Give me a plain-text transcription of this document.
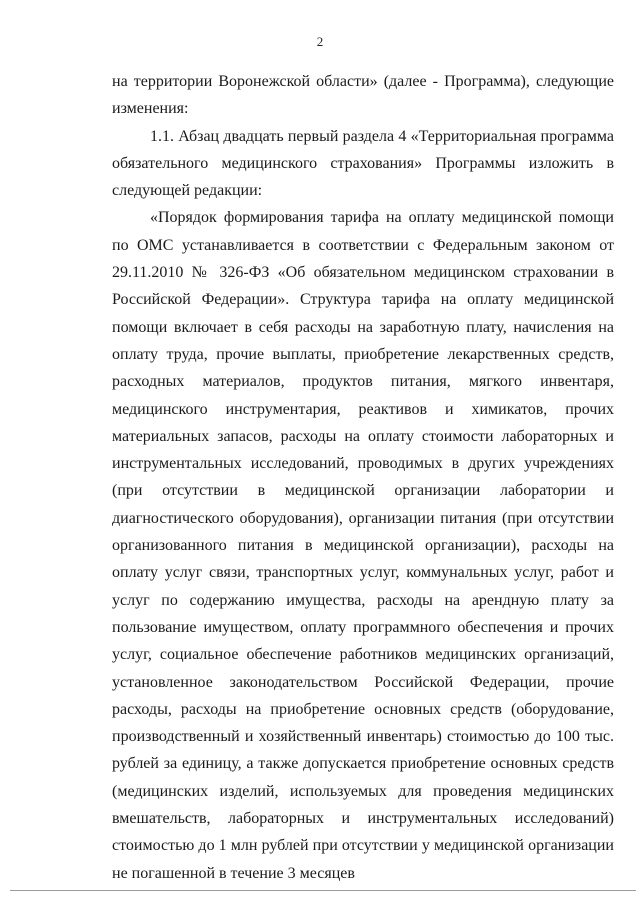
2

на территории Воронежской области» (далее - Программа), следующие изменения:

1.1. Абзац двадцать первый раздела 4 «Территориальная программа обязательного медицинского страхования» Программы изложить в следующей редакции:

«Порядок формирования тарифа на оплату медицинской помощи по ОМС устанавливается в соответствии с Федеральным законом от 29.11.2010 № 326-ФЗ «Об обязательном медицинском страховании в Российской Федерации». Структура тарифа на оплату медицинской помощи включает в себя расходы на заработную плату, начисления на оплату труда, прочие выплаты, приобретение лекарственных средств, расходных материалов, продуктов питания, мягкого инвентаря, медицинского инструментария, реактивов и химикатов, прочих материальных запасов, расходы на оплату стоимости лабораторных и инструментальных исследований, проводимых в других учреждениях (при отсутствии в медицинской организации лаборатории и диагностического оборудования), организации питания (при отсутствии организованного питания в медицинской организации), расходы на оплату услуг связи, транспортных услуг, коммунальных услуг, работ и услуг по содержанию имущества, расходы на арендную плату за пользование имуществом, оплату программного обеспечения и прочих услуг, социальное обеспечение работников медицинских организаций, установленное законодательством Российской Федерации, прочие расходы, расходы на приобретение основных средств (оборудование, производственный и хозяйственный инвентарь) стоимостью до 100 тыс. рублей за единицу, а также допускается приобретение основных средств (медицинских изделий, используемых для проведения медицинских вмешательств, лабораторных и инструментальных исследований) стоимостью до 1 млн рублей при отсутствии у медицинской организации не погашенной в течение 3 месяцев
